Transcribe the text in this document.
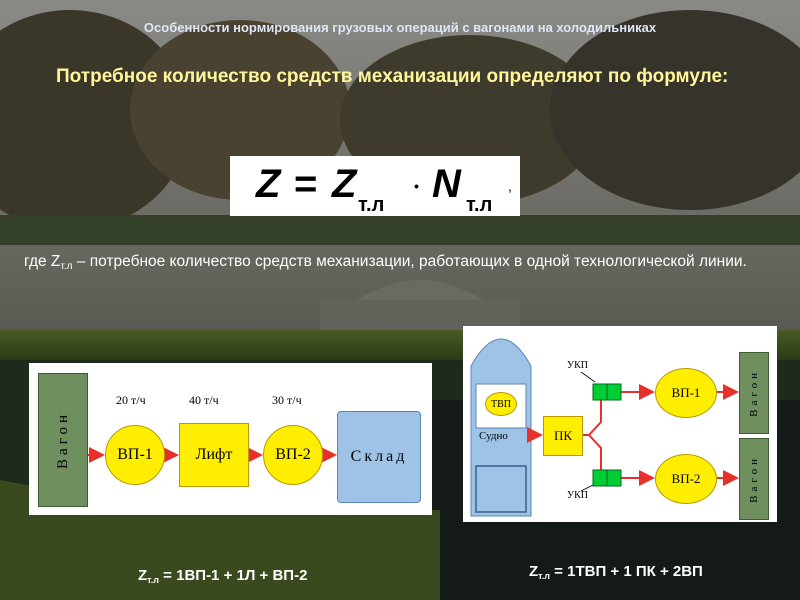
Особенности нормирования грузовых операций с вагонами на холодильниках
Потребное количество средств механизации определяют по формуле:
Z = Z т.л
• N т.л
,
где $Z_{т.л}$ – потребное количество средств механизации, работающих в одной технологической линии.
Вагон
20 т/ч	40 т/ч	30 т/ч
ВП-1	Лифт	ВП-2 Склад
$Z_{т.л} = 1ВП-1 + 1Л + ВП-2$
ТВП
Судно	ПК
УКП
УКП
ВП-1
ВП-2
Вагон
Вагон
$Z_{т.л} = 1ТВП + 1$ ПК + 2ВП
